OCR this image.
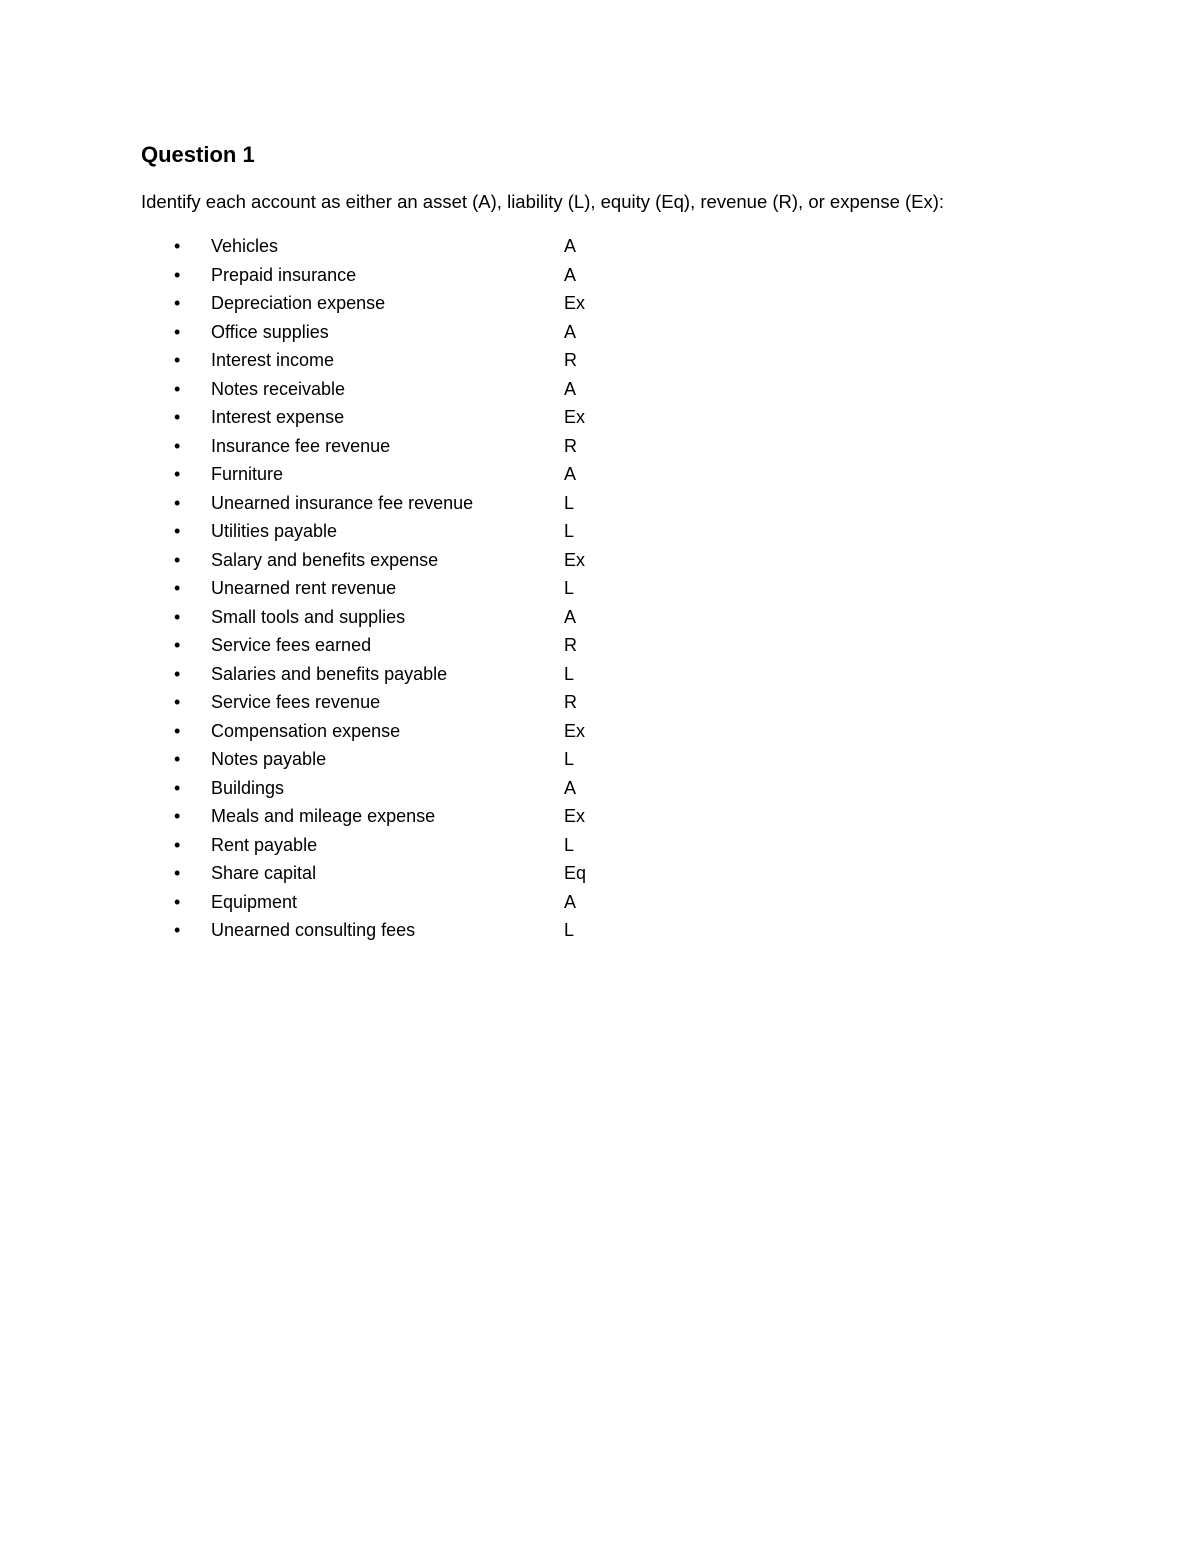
Question 1
Identify each account as either an asset (A), liability (L), equity (Eq), revenue (R), or expense (Ex):
• Vehicles	A
• Prepaid insurance	A
• Depreciation expense	Ex
• Office supplies	A
• Interest income	R
• Notes receivable	A
• Interest expense	Ex
• Insurance fee revenue	R
• Furniture	A
• Unearned insurance fee revenue	L
• Utilities payable	L
• Salary and benefits expense	Ex
• Unearned rent revenue	L
• Small tools and supplies	A
• Service fees earned	R
• Salaries and benefits payable	L
• Service fees revenue	R
• Compensation expense	Ex
• Notes payable	L
• Buildings	A
• Meals and mileage expense	Ex
• Rent payable	L
• Share capital	Eq
• Equipment	A
• Unearned consulting fees	L
